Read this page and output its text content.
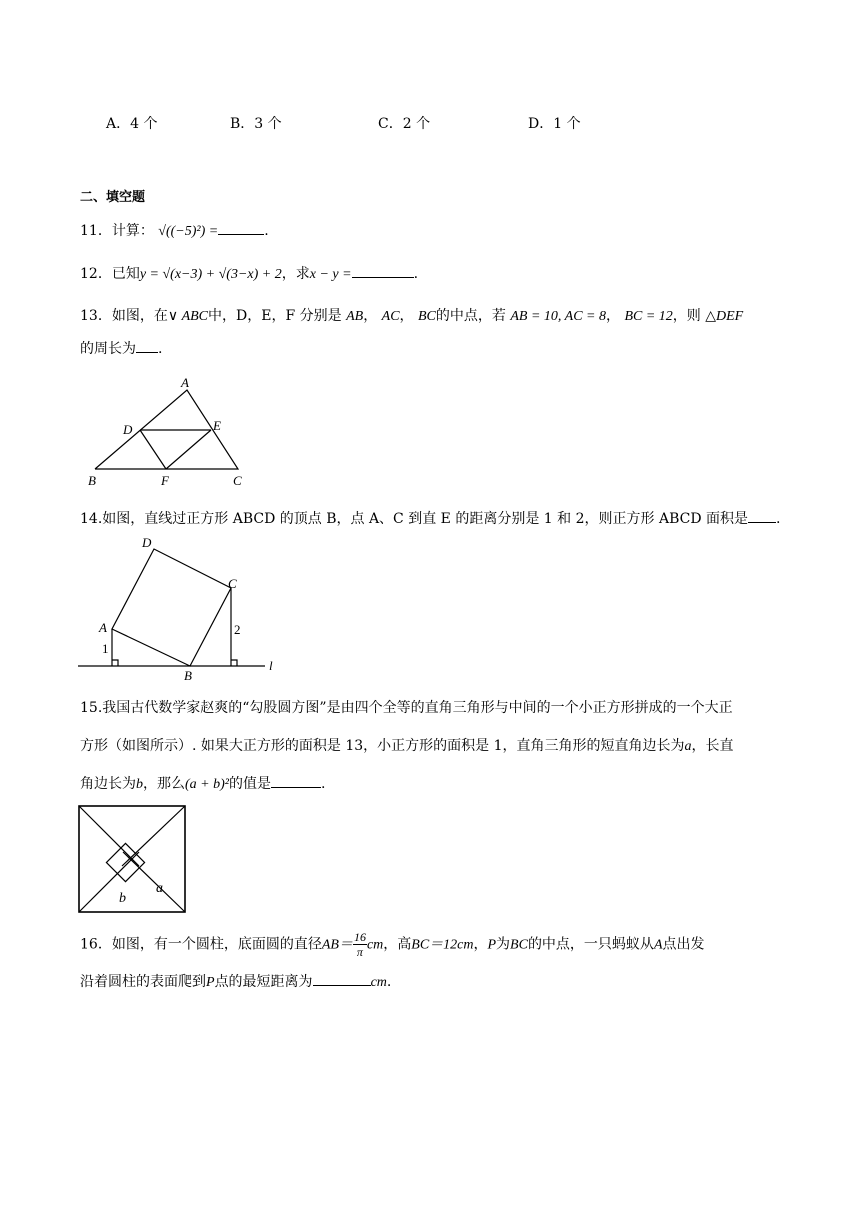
A．4 个	B．3 个	C．2 个	D．1 个
二、填空题
11．计算： √((−5)²) =	.
12．已知y = √(x−3) + √(3−x) + 2，求x − y =	.
13．如图，在∨ ABC中，D，E，F 分别是 AB， AC， BC的中点，若 AB = 10, AC = 8， BC = 12，则 △DEF
的周长为 .
A
B	C
D	E
F
14.如图，直线过正方形 ABCD 的顶点 B，点 A、C 到直 E 的距离分别是 1 和 2，则正方形 ABCD 面积是 .
D
C
A
B
l
1
2
15.我国古代数学家赵爽的“勾股圆方图”是由四个全等的直角三角形与中间的一个小正方形拼成的一个大正
方形（如图所示）. 如果大正方形的面积是 13，小正方形的面积是 1，直角三角形的短直角边长为a，长直
角边长为b，那么(a + b)²的值是	.
b
a
16．如图，有一个圆柱，底面圆的直径$AB= \frac{16}{\pi}$ cm，高BC＝12cm，P为BC的中点，一只蚂蚁从A点出发
沿着圆柱的表面爬到P点的最短距离为	cm.
